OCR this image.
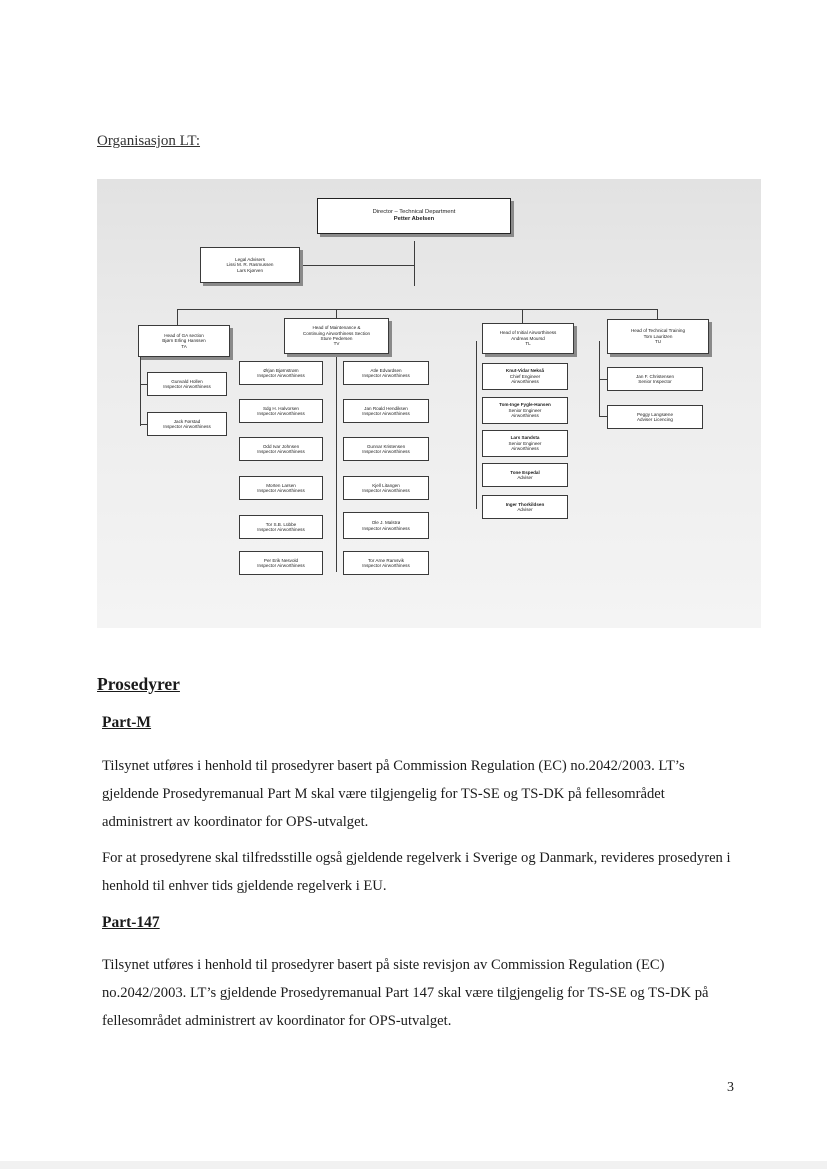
Organisasjon LT:

Director – Technical Department
Petter Abelsen
Legal Advisers
Lissi M. R. Rasmussen
Lars Kjørven
Head of GA section
Bjørn Erling Hanssen
TA
Head of Maintenance &
Continuing Airworthiness Section
Sture Pedersen
TV
Head of Initial Airworthiness
Andreas Moursd
TL
Head of Technical Training
Tom Lauritzen
TU
Gunvald Hollen
Inspector Airworthiness
Jack Førstad
Inspector Airworthiness
Ørjan Bjørnstrøm
Inspector Airworthiness
Sdg H. Halvorsen
Inspector Airworthiness
Odd Ivar Johnsen
Inspector Airworthiness
Morten Larsen
Inspector Airworthiness
Tor S.B. Lübbe
Inspector Airworthiness
Per Erik Nesvold
Inspector Airworthiness
Atle Edvardsen
Inspector Airworthiness
Jan Roald Hendiksen
Inspector Airworthiness
Gunnar Kristensen
Inspector Airworthiness
Kjell Litangen
Inspector Airworthiness
Ole J. Malstrø
Inspector Airworthiness
Tor Arne Ramsvik
Inspector Airworthiness
Knut-Vidar Nekså
Chief Engineer
Airworthiness
Tom-Inge Fygle-Hansen
Senior Engineer
Airworthiness
Lars Sandsta
Senior Engineer
Airworthiness
Tone Espedal
Adviser
Inger Thorkildsen
Adviser
Jan F. Christensen
Senior Inspector
Peggy Langsæne
Adviser Licencing
Prosedyrer
Part-M

Tilsynet utføres i henhold til prosedyrer basert på Commission Regulation (EC) no.2042/2003. LT’s gjeldende Prosedyremanual Part M skal være tilgjengelig for TS-SE og TS-DK på fellesområdet administrert av koordinator for OPS-utvalget.

For at prosedyrene skal tilfredsstille også gjeldende regelverk i Sverige og Danmark, revideres prosedyren i henhold til enhver tids gjeldende regelverk i EU.

Part-147

Tilsynet utføres i henhold til prosedyrer basert på siste revisjon av Commission Regulation (EC) no.2042/2003. LT’s gjeldende Prosedyremanual Part 147 skal være tilgjengelig for TS-SE og TS-DK på fellesområdet administrert av koordinator for OPS-utvalget.

3
